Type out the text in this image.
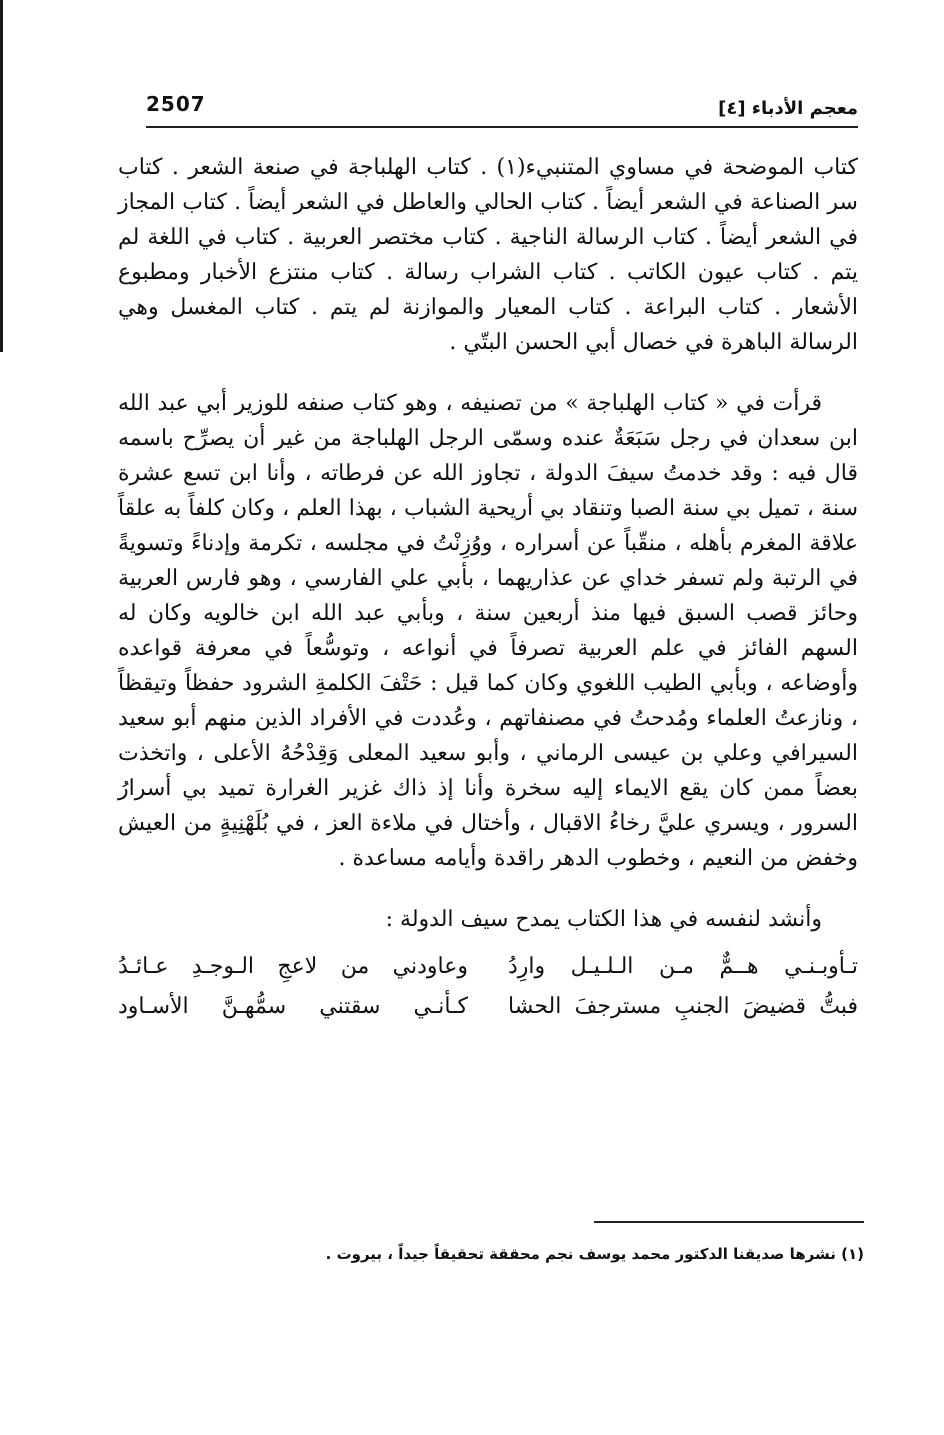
2507	معجم الأدباء [٤]

كتاب الموضحة في مساوي المتنبيء(١) . كتاب الهلباجة في صنعة الشعر . كتاب سر الصناعة في الشعر أيضاً . كتاب الحالي والعاطل في الشعر أيضاً . كتاب المجاز في الشعر أيضاً . كتاب الرسالة الناجية . كتاب مختصر العربية . كتاب في اللغة لم يتم . كتاب عيون الكاتب . كتاب الشراب رسالة . كتاب منتزع الأخبار ومطبوع الأشعار . كتاب البراعة . كتاب المعيار والموازنة لم يتم . كتاب المغسل وهي الرسالة الباهرة في خصال أبي الحسن البتّي .

قرأت في « كتاب الهلباجة » من تصنيفه ، وهو كتاب صنفه للوزير أبي عبد الله ابن سعدان في رجل سَبَعَةٌ عنده وسمّى الرجل الهلباجة من غير أن يصرِّح باسمه قال فيه : وقد خدمتُ سيفَ الدولة ، تجاوز الله عن فرطاته ، وأنا ابن تسع عشرة سنة ، تميل بي سنة الصبا وتنقاد بي أريحية الشباب ، بهذا العلم ، وكان كلفاً به علقاً علاقة المغرم بأهله ، منقّباً عن أسراره ، ووُزِنْتُ في مجلسه ، تكرمة وإدناءً وتسويةً في الرتبة ولم تسفر خداي عن عذاريهما ، بأبي علي الفارسي ، وهو فارس العربية وحائز قصب السبق فيها منذ أربعين سنة ، وبأبي عبد الله ابن خالويه وكان له السهم الفائز في علم العربية تصرفاً في أنواعه ، وتوسُّعاً في معرفة قواعده وأوضاعه ، وبأبي الطيب اللغوي وكان كما قيل : حَتْفَ الكلمةِ الشرود حفظاً وتيقظاً ، ونازعتُ العلماء ومُدحتُ في مصنفاتهم ، وعُددت في الأفراد الذين منهم أبو سعيد السيرافي وعلي بن عيسى الرماني ، وأبو سعيد المعلى وَقِدْحُهُ الأعلى ، واتخذت بعضاً ممن كان يقع الايماء إليه سخرة وأنا إذ ذاك غزير الغرارة تميد بي أسرارُ السرور ، ويسري عليَّ رخاءُ الاقبال ، وأختال في ملاءة العز ، في بُلَهْنِيةٍ من العيش وخفض من النعيم ، وخطوب الدهر راقدة وأيامه مساعدة .

وأنشد لنفسه في هذا الكتاب يمدح سيف الدولة :

تـأوبـنـي هــمٌّ مـن الـلـيـل وارِدُ
وعاودني من لاعجِ الـوجـدِ عـائـدُ
فبتُّ قضيضَ الجنبِ مسترجفَ الحشا
كـأنـي سقتني سمُّهـنَّ الأسـاود
(١) نشرها صديقنا الدكتور محمد يوسف نجم محققة تحقيقاً جيداً ، بيروت .
